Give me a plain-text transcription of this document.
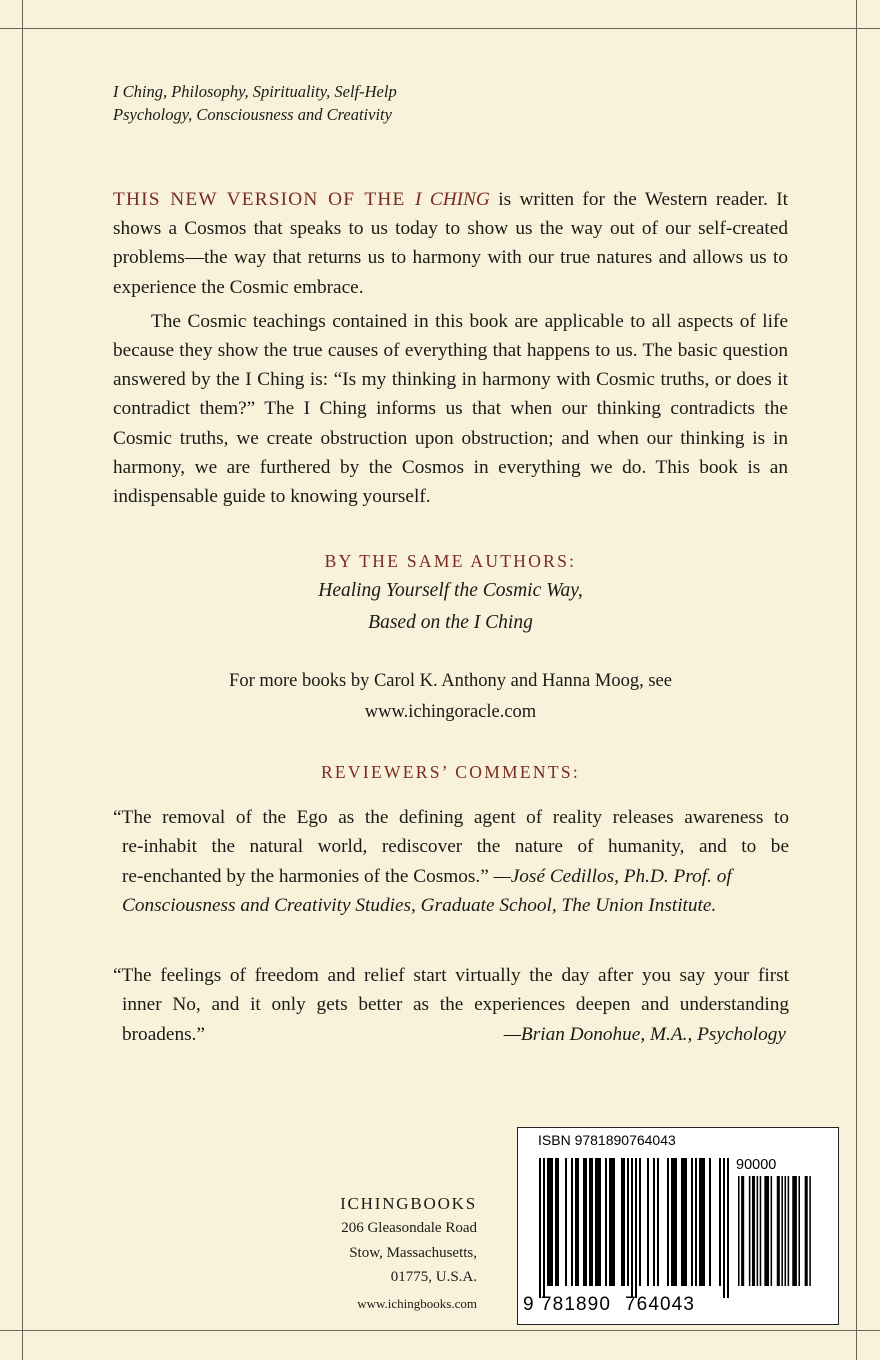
I Ching, Philosophy, Spirituality, Self-Help
Psychology, Consciousness and Creativity

THIS NEW VERSION OF THE I CHING is written for the Western reader. It shows a Cosmos that speaks to us today to show us the way out of our self-created problems—the way that returns us to harmony with our true natures and allows us to experience the Cosmic embrace.

The Cosmic teachings contained in this book are applicable to all aspects of life because they show the true causes of everything that happens to us. The basic question answered by the I Ching is: “Is my thinking in harmony with Cosmic truths, or does it contradict them?” The I Ching informs us that when our thinking contradicts the Cosmic truths, we create obstruction upon obstruction; and when our thinking is in harmony, we are furthered by the Cosmos in everything we do. This book is an indispensable guide to knowing yourself.

BY THE SAME AUTHORS:
Healing Yourself the Cosmic Way,
Based on the I Ching
For more books by Carol K. Anthony and Hanna Moog, see
www.ichingoracle.com
REVIEWERS’ COMMENTS:
“The removal of the Ego as the defining agent of reality releases awareness to
re-inhabit the natural world, rediscover the nature of humanity, and to be
re-enchanted by the harmonies of the Cosmos.” —José Cedillos, Ph.D. Prof. of
Consciousness and Creativity Studies, Graduate School, The Union Institute.
“The feelings of freedom and relief start virtually the day after you say your first
inner No, and it only gets better as the experiences deepen and understanding
broadens.”	—Brian Donohue, M.A., Psychology
ICHINGBOOKS
206 Gleasondale Road
Stow, Massachusetts,
01775, U.S.A.
www.ichingbooks.com
ISBN 9781890764043
90000
9 781890 764043
